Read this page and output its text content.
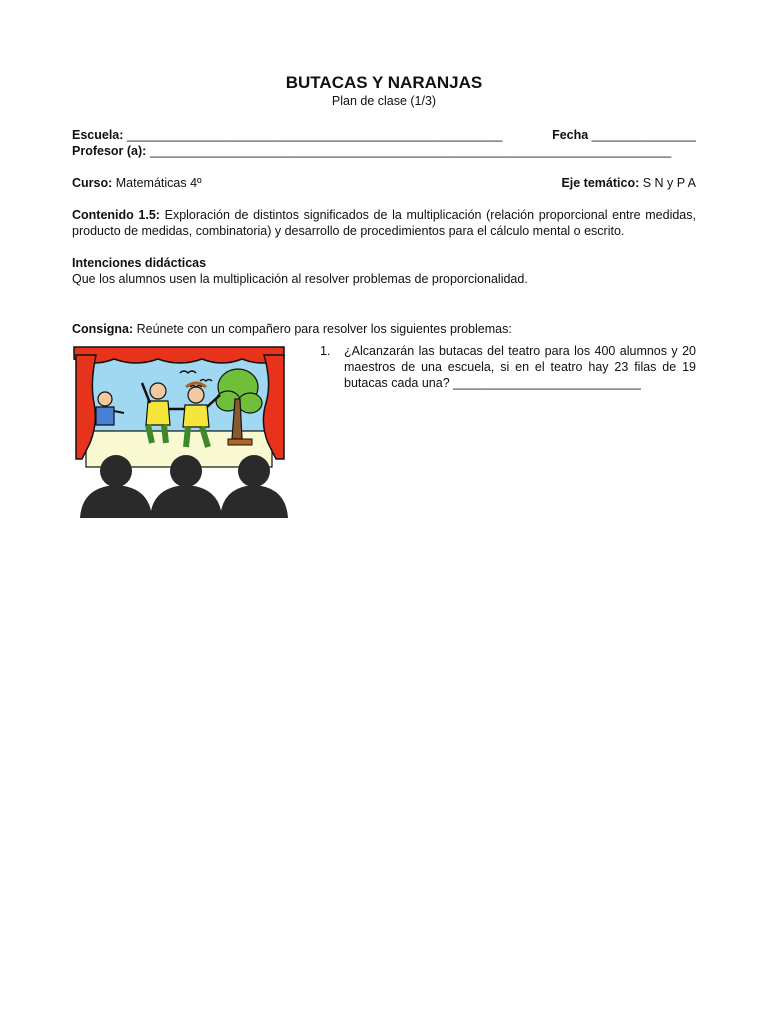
BUTACAS Y NARANJAS
Plan de clase (1/3)
Escuela: ______________________________________________________	Fecha _______________
Profesor (a): ___________________________________________________________________________
Curso: Matemáticas 4º	Eje temático: S N y P A
Contenido 1.5: Exploración de distintos significados de la multiplicación (relación proporcional entre medidas, producto de medidas, combinatoria) y desarrollo de procedimientos para el cálculo mental o escrito.
Intenciones didácticas
Que los alumnos usen la multiplicación al resolver problemas de proporcionalidad.
Consigna: Reúnete con un compañero para resolver los siguientes problemas:
1.	¿Alcanzarán las butacas del teatro para los 400 alumnos y 20 maestros de una escuela, si en el teatro hay 23 filas de 19 butacas cada una? ___________________________
